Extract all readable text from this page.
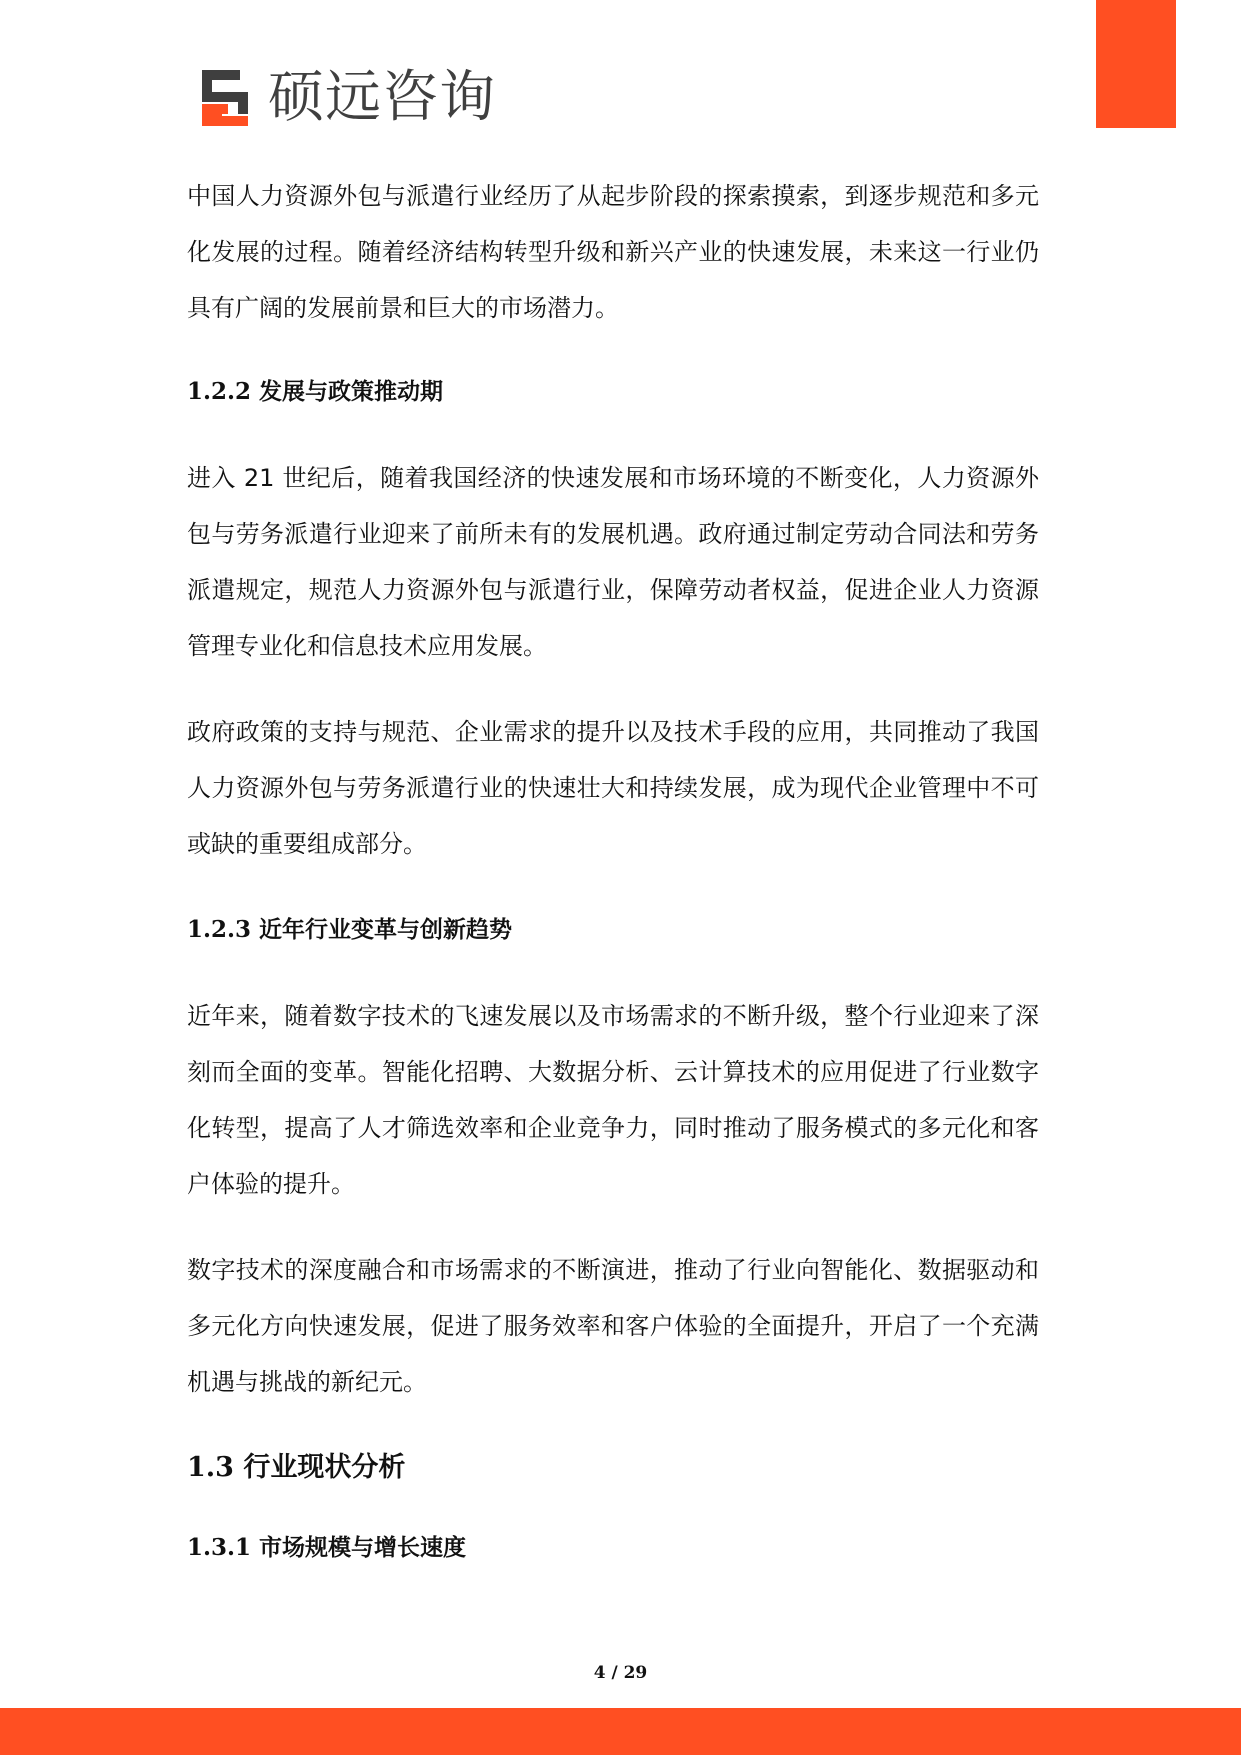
硕远咨询

中国人力资源外包与派遣行业经历了从起步阶段的探索摸索，到逐步规范和多元化发展的过程。随着经济结构转型升级和新兴产业的快速发展，未来这一行业仍具有广阔的发展前景和巨大的市场潜力。

1.2.2 发展与政策推动期

进入 21 世纪后，随着我国经济的快速发展和市场环境的不断变化，人力资源外包与劳务派遣行业迎来了前所未有的发展机遇。政府通过制定劳动合同法和劳务派遣规定，规范人力资源外包与派遣行业，保障劳动者权益，促进企业人力资源管理专业化和信息技术应用发展。

政府政策的支持与规范、企业需求的提升以及技术手段的应用，共同推动了我国人力资源外包与劳务派遣行业的快速壮大和持续发展，成为现代企业管理中不可或缺的重要组成部分。

1.2.3 近年行业变革与创新趋势

近年来，随着数字技术的飞速发展以及市场需求的不断升级，整个行业迎来了深刻而全面的变革。智能化招聘、大数据分析、云计算技术的应用促进了行业数字化转型，提高了人才筛选效率和企业竞争力，同时推动了服务模式的多元化和客户体验的提升。

数字技术的深度融合和市场需求的不断演进，推动了行业向智能化、数据驱动和多元化方向快速发展，促进了服务效率和客户体验的全面提升，开启了一个充满机遇与挑战的新纪元。

1.3 行业现状分析
1.3.1 市场规模与增长速度
4 / 29
